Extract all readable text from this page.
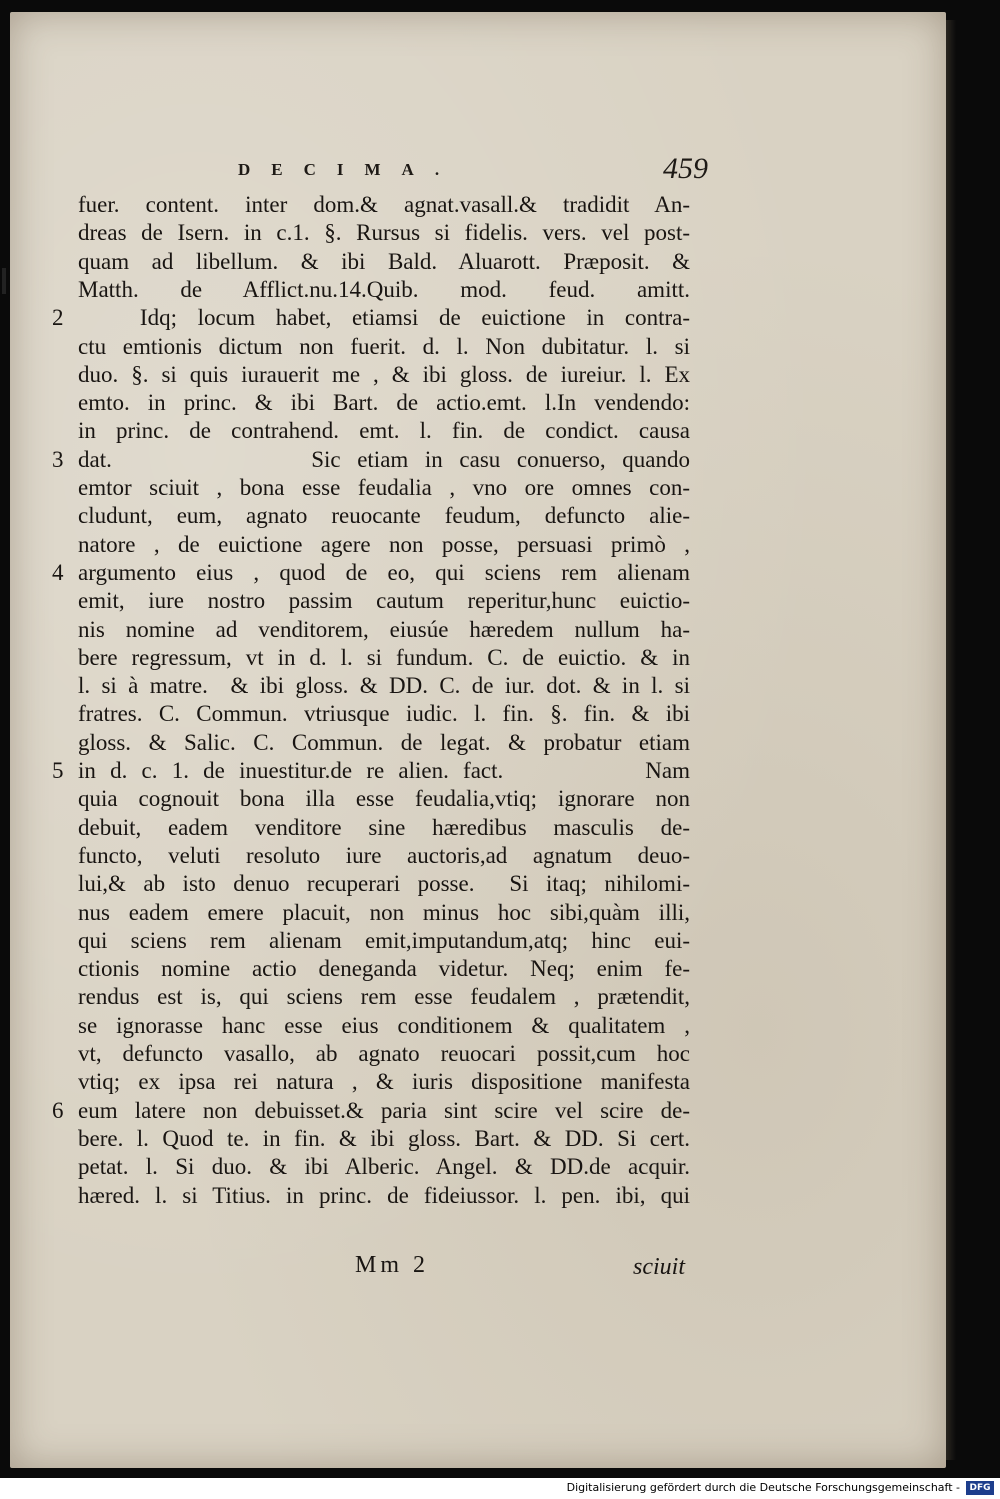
DECIMA.	459
fuer. content. inter dom.& agnat.vasall.& tradidit An-
dreas de Isern. in c.1. §. Rursus si fidelis. vers. vel post-
quam ad libellum. & ibi Bald. Aluarott. Præposit. &
Matth. de Afflict.nu.14.Quib. mod. feud. amitt.
Idq; locum habet, etiamsi de euictione in contra-
2
ctu emtionis dictum non fuerit. d. l. Non dubitatur. l. si
duo. §. si quis iurauerit me , & ibi gloss. de iureiur. l. Ex
emto. in princ. & ibi Bart. de actio.emt. l.In vendendo:
in princ. de contrahend. emt. l. fin. de condict. causa
dat.            Sic etiam in casu conuerso, quando
3
emtor sciuit , bona esse feudalia , vno ore omnes con-
cludunt, eum, agnato reuocante feudum, defuncto alie-
natore , de euictione agere non posse, persuasi primò ,
argumento eius , quod de eo, qui sciens rem alienam
4
emit, iure nostro passim cautum reperitur,hunc euictio-
nis nomine ad venditorem, eiusúe hæredem nullum ha-
bere regressum, vt in d. l. si fundum. C. de euictio. & in
l. si à matre.  & ibi gloss. & DD. C. de iur. dot. & in l. si
fratres. C. Commun. vtriusque iudic. l. fin. §. fin. & ibi
gloss. & Salic. C. Commun. de legat. & probatur etiam
in d. c. 1. de inuestitur.de re alien. fact.          Nam
5
quia cognouit bona illa esse feudalia,vtiq; ignorare non
debuit, eadem venditore sine hæredibus masculis de-
functo, veluti resoluto iure auctoris,ad agnatum deuo-
lui,& ab isto denuo recuperari posse.  Si itaq; nihilomi-
nus eadem emere placuit, non minus hoc sibi,quàm illi,
qui sciens rem alienam emit,imputandum,atq; hinc eui-
ctionis nomine actio deneganda videtur. Neq; enim fe-
rendus est is, qui sciens rem esse feudalem , prætendit,
se ignorasse hanc esse eius conditionem & qualitatem ,
vt, defuncto vasallo, ab agnato reuocari possit,cum hoc
vtiq; ex ipsa rei natura , & iuris dispositione manifesta
eum latere non debuisset.& paria sint scire vel scire de-
6
bere. l. Quod te. in fin. & ibi gloss. Bart. & DD. Si cert.
petat. l. Si duo. & ibi Alberic. Angel. & DD.de acquir.
hæred. l. si Titius. in princ. de fideiussor. l. pen. ibi, qui
Mm 2	sciuit
Digitalisierung gefördert durch die Deutsche Forschungsgemeinschaft -	DFG
